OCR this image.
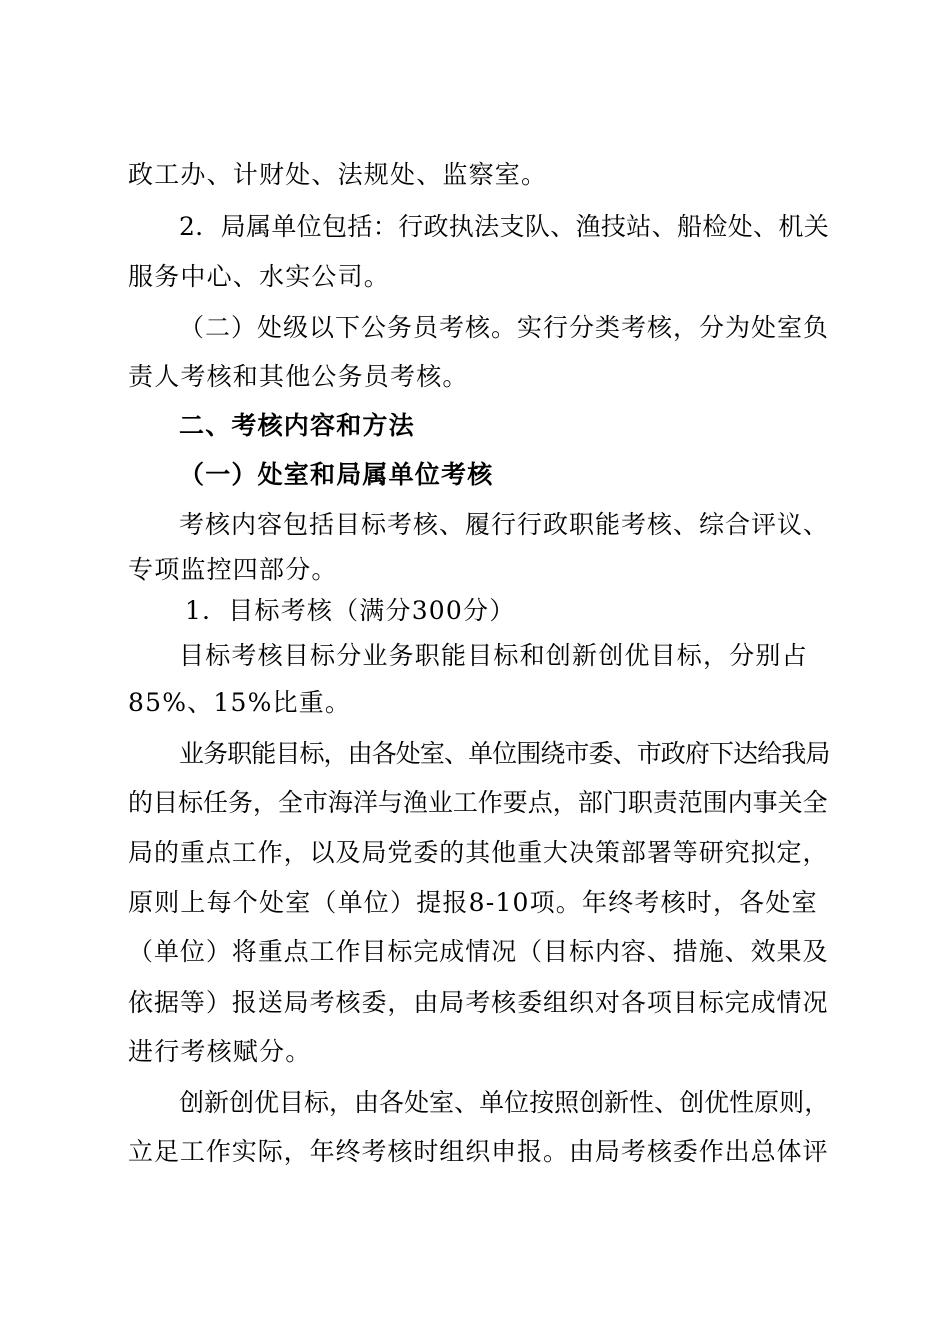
政工办、计财处、法规处、监察室。
2．局属单位包括：行政执法支队、渔技站、船检处、机关
服务中心、水实公司。
（二）处级以下公务员考核。实行分类考核，分为处室负
责人考核和其他公务员考核。
二、考核内容和方法
（一）处室和局属单位考核
考核内容包括目标考核、履行行政职能考核、综合评议、
专项监控四部分。
1．目标考核（满分300分）
目标考核目标分业务职能目标和创新创优目标，分别占
85%、15%比重。
业务职能目标，由各处室、单位围绕市委、市政府下达给我局
的目标任务，全市海洋与渔业工作要点，部门职责范围内事关全
局的重点工作，以及局党委的其他重大决策部署等研究拟定，
原则上每个处室（单位）提报8-10项。年终考核时，各处室
（单位）将重点工作目标完成情况（目标内容、措施、效果及
依据等）报送局考核委，由局考核委组织对各项目标完成情况
进行考核赋分。
创新创优目标，由各处室、单位按照创新性、创优性原则，
立足工作实际，年终考核时组织申报。由局考核委作出总体评
